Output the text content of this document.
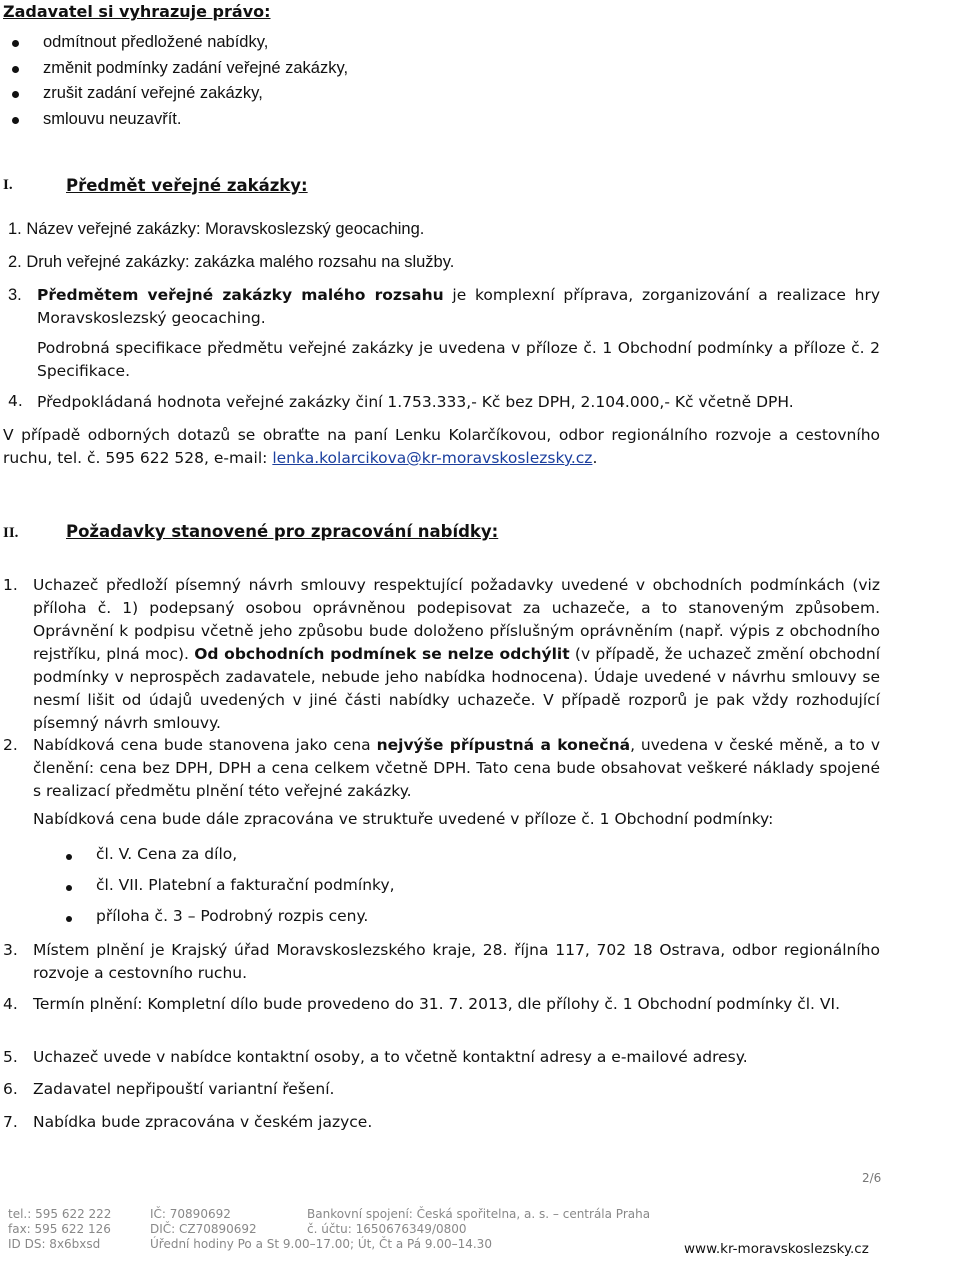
Zadavatel si vyhrazuje právo:
odmítnout předložené nabídky,
změnit podmínky zadání veřejné zakázky,
zrušit zadání veřejné zakázky,
smlouvu neuzavřít.
I.	Předmět veřejné zakázky:
1. Název veřejné zakázky: Moravskoslezský geocaching.
2. Druh veřejné zakázky: zakázka malého rozsahu na služby.
3. Předmětem veřejné zakázky malého rozsahu je komplexní příprava, zorganizování a realizace hry Moravskoslezský geocaching.
Podrobná specifikace předmětu veřejné zakázky je uvedena v příloze č. 1 Obchodní podmínky a příloze č. 2 Specifikace.
4. Předpokládaná hodnota veřejné zakázky činí 1.753.333,- Kč bez DPH, 2.104.000,- Kč včetně DPH.
V případě odborných dotazů se obraťte na paní Lenku Kolarčíkovou, odbor regionálního rozvoje a cestovního ruchu, tel. č. 595 622 528, e-mail: lenka.kolarcikova@kr-moravskoslezsky.cz.
II.	Požadavky stanovené pro zpracování nabídky:
1. Uchazeč předloží písemný návrh smlouvy respektující požadavky uvedené v obchodních podmínkách (viz příloha č. 1) podepsaný osobou oprávněnou podepisovat za uchazeče, a to stanoveným způsobem. Oprávnění k podpisu včetně jeho způsobu bude doloženo příslušným oprávněním (např. výpis z obchodního rejstříku, plná moc). Od obchodních podmínek se nelze odchýlit (v případě, že uchazeč změní obchodní podmínky v neprospěch zadavatele, nebude jeho nabídka hodnocena). Údaje uvedené v návrhu smlouvy se nesmí lišit od údajů uvedených v jiné části nabídky uchazeče. V případě rozporů je pak vždy rozhodující písemný návrh smlouvy.
2. Nabídková cena bude stanovena jako cena nejvýše přípustná a konečná, uvedena v české měně, a to v členění: cena bez DPH, DPH a cena celkem včetně DPH. Tato cena bude obsahovat veškeré náklady spojené s realizací předmětu plnění této veřejné zakázky.
Nabídková cena bude dále zpracována ve struktuře uvedené v příloze č. 1 Obchodní podmínky:
čl. V. Cena za dílo,
čl. VII. Platební a fakturační podmínky,
příloha č. 3 – Podrobný rozpis ceny.
3. Místem plnění je Krajský úřad Moravskoslezského kraje, 28. října 117, 702 18 Ostrava, odbor regionálního rozvoje a cestovního ruchu.
4. Termín plnění: Kompletní dílo bude provedeno do 31. 7. 2013, dle přílohy č. 1 Obchodní podmínky čl. VI.
5. Uchazeč uvede v nabídce kontaktní osoby, a to včetně kontaktní adresy a e-mailové adresy.
6. Zadavatel nepřipouští variantní řešení.
7. Nabídka bude zpracována v českém jazyce.
2/6
tel.: 595 622 222
fax: 595 622 126
ID DS: 8x6bxsd
IČ: 70890692
DIČ: CZ70890692
Úřední hodiny Po a St 9.00–17.00; Út, Čt a Pá 9.00–14.30
Bankovní spojení: Česká spořitelna, a. s. – centrála Praha
č. účtu: 1650676349/0800
www.kr-moravskoslezsky.cz
